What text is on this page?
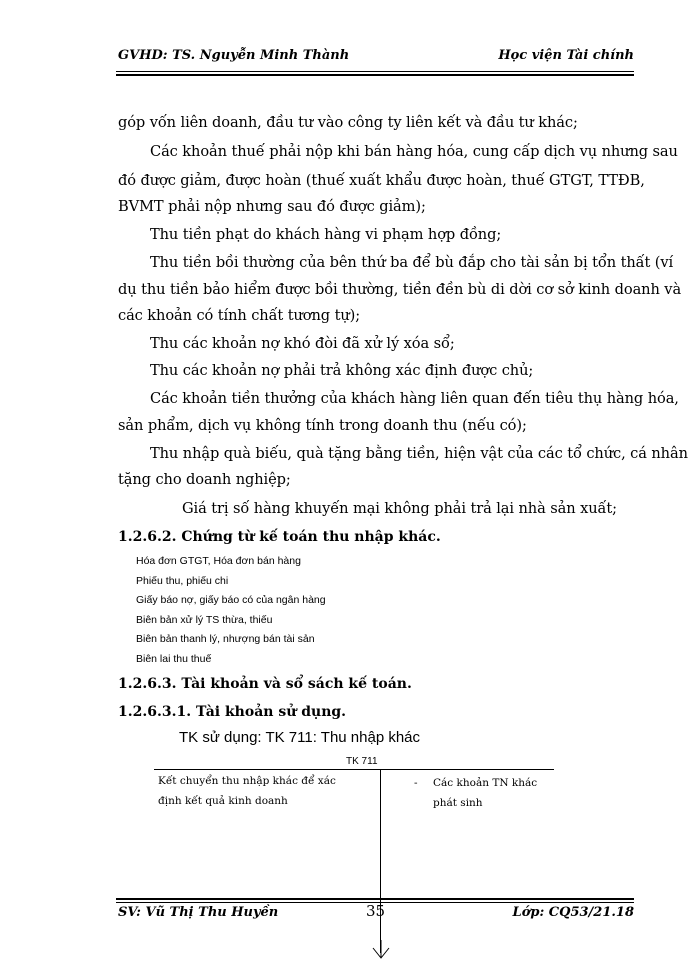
GVHD: TS. Nguyễn Minh Thành	Học viện Tài chính
góp vốn liên doanh, đầu tư vào công ty liên kết và đầu tư khác;
Các khoản thuế phải nộp khi bán hàng hóa, cung cấp dịch vụ nhưng sau
đó được giảm, được hoàn (thuế xuất khẩu được hoàn, thuế GTGT, TTĐB,
BVMT phải nộp nhưng sau đó được giảm);
Thu tiền phạt do khách hàng vi phạm hợp đồng;
Thu tiền bồi thường của bên thứ ba để bù đắp cho tài sản bị tổn thất (ví
dụ thu tiền bảo hiểm được bồi thường, tiền đền bù di dời cơ sở kinh doanh và
các khoản có tính chất tương tự);
Thu các khoản nợ khó đòi đã xử lý xóa sổ;
Thu các khoản nợ phải trả không xác định được chủ;
Các khoản tiền thưởng của khách hàng liên quan đến tiêu thụ hàng hóa,
sản phẩm, dịch vụ không tính trong doanh thu (nếu có);
Thu nhập quà biếu, quà tặng bằng tiền, hiện vật của các tổ chức, cá nhân
tặng cho doanh nghiệp;
Giá trị số hàng khuyến mại không phải trả lại nhà sản xuất;
1.2.6.2. Chứng từ kế toán thu nhập khác.
Hóa đơn GTGT, Hóa đơn bán hàng
Phiếu thu, phiếu chi
Giấy báo nợ, giấy báo có của ngân hàng
Biên bản xử lý TS thừa, thiếu
Biên bản thanh lý, nhượng bán tài sản
Biên lai thu thuế
1.2.6.3. Tài khoản và sổ sách kế toán.
1.2.6.3.1. Tài khoản sử dụng.
TK sử dụng: TK 711: Thu nhập khác
TK 711
Kết chuyển thu nhập khác để xác
định kết quả kinh doanh
- Các khoản TN khác
phát sinh
SV: Vũ Thị Thu Huyền	35	Lớp: CQ53/21.18
